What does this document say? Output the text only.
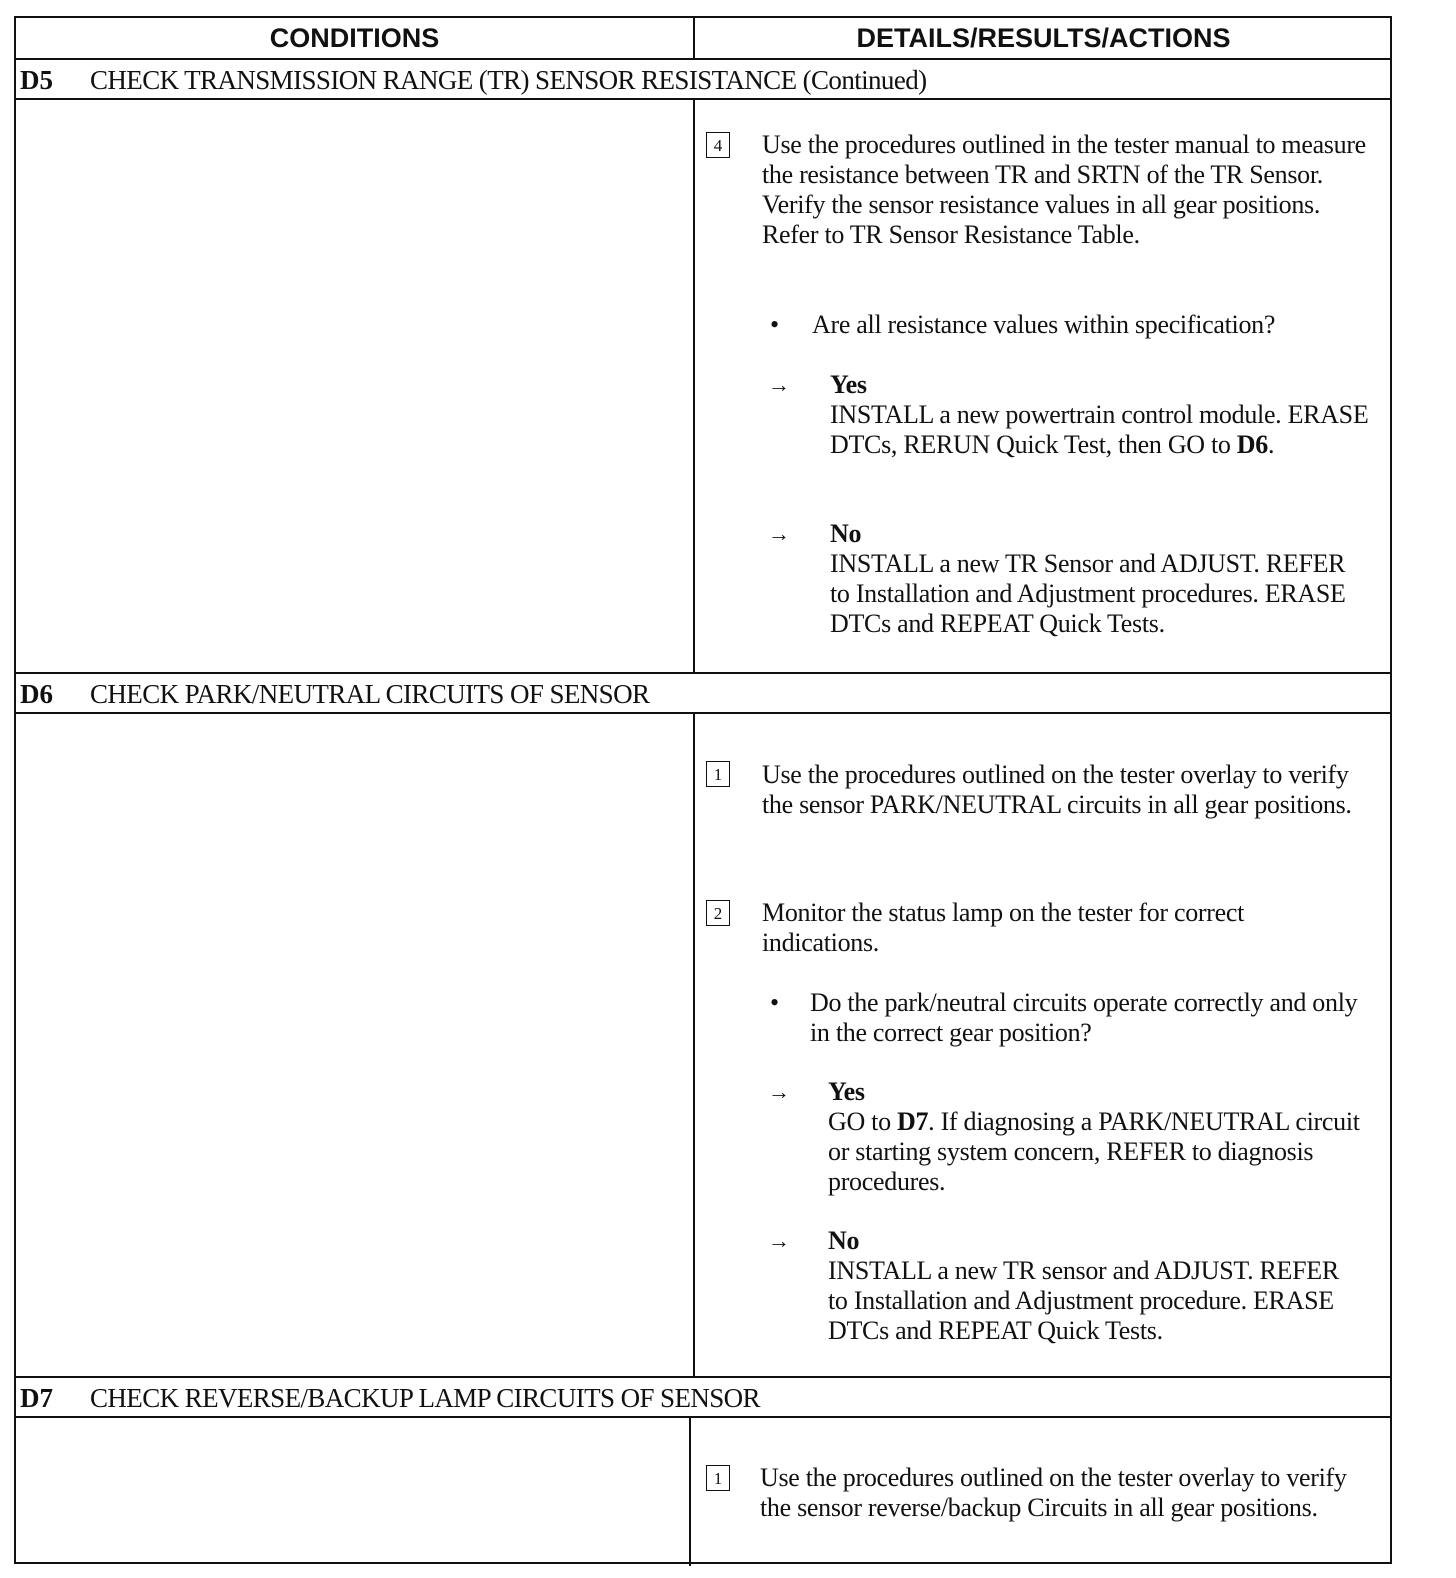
CONDITIONS	DETAILS/RESULTS/ACTIONS
D5 CHECK TRANSMISSION RANGE (TR) SENSOR RESISTANCE (Continued)
4 Use the procedures outlined in the tester manual to measure the resistance between TR and SRTN of the TR Sensor. Verify the sensor resistance values in all gear positions. Refer to TR Sensor Resistance Table.
• Are all resistance values within specification?
→ Yes
INSTALL a new powertrain control module. ERASE DTCs, RERUN Quick Test, then GO to D6.
→ No
INSTALL a new TR Sensor and ADJUST. REFER to Installation and Adjustment procedures. ERASE DTCs and REPEAT Quick Tests.
D6 CHECK PARK/NEUTRAL CIRCUITS OF SENSOR
1 Use the procedures outlined on the tester overlay to verify the sensor PARK/NEUTRAL circuits in all gear positions.
2 Monitor the status lamp on the tester for correct indications.
• Do the park/neutral circuits operate correctly and only in the correct gear position?
→ Yes
GO to D7. If diagnosing a PARK/NEUTRAL circuit or starting system concern, REFER to diagnosis procedures.
→ No
INSTALL a new TR sensor and ADJUST. REFER to Installation and Adjustment procedure. ERASE DTCs and REPEAT Quick Tests.
D7 CHECK REVERSE/BACKUP LAMP CIRCUITS OF SENSOR
1 Use the procedures outlined on the tester overlay to verify the sensor reverse/backup Circuits in all gear positions.
